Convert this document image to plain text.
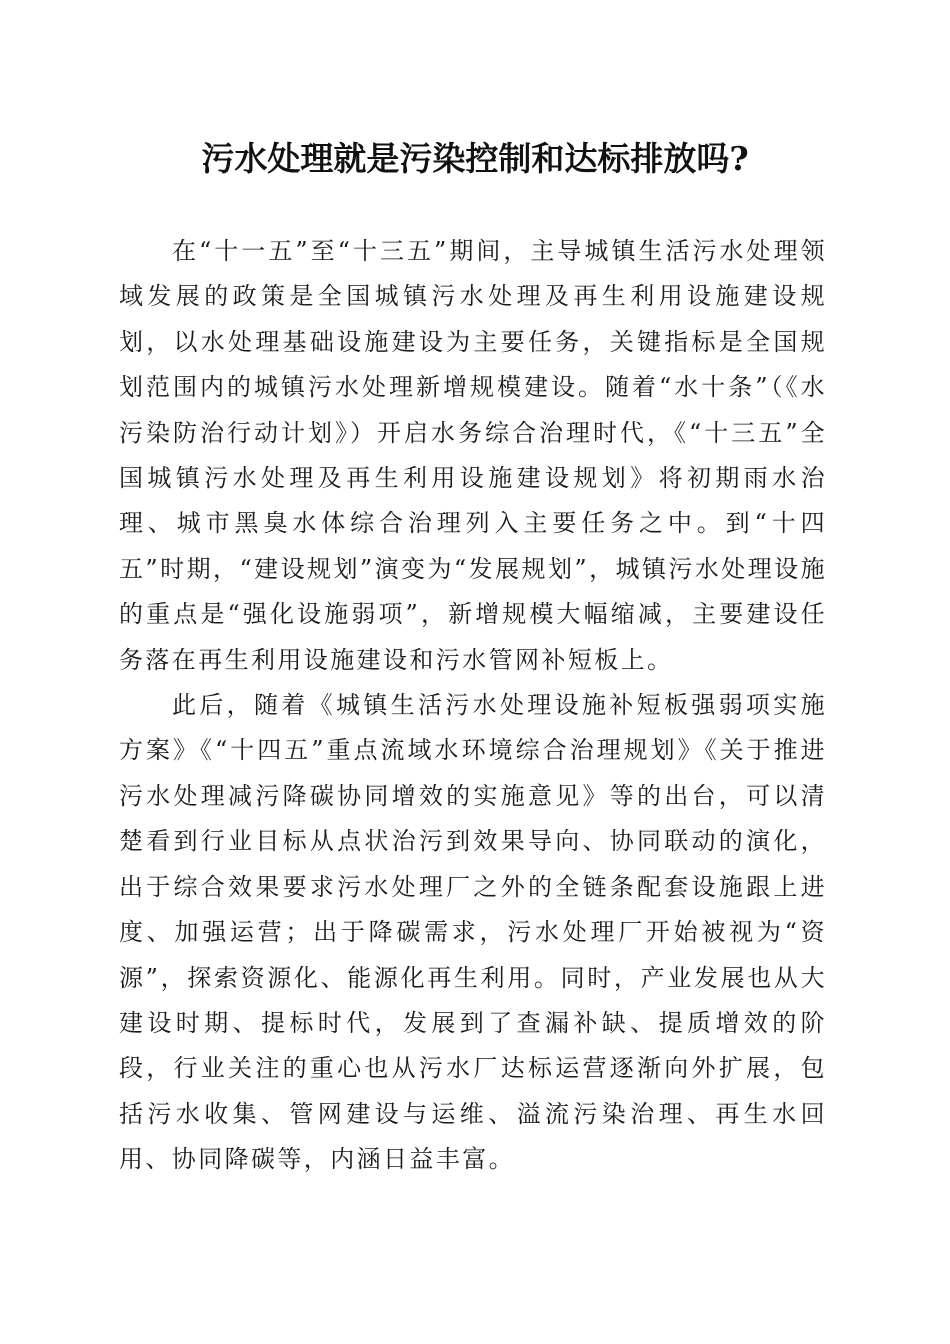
污水处理就是污染控制和达标排放吗?

在“十一五”至“十三五”期间，主导城镇生活污水处理领域发展的政策是全国城镇污水处理及再生利用设施建设规划，以水处理基础设施建设为主要任务，关键指标是全国规划范围内的城镇污水处理新增规模建设。随着“水十条”（《水污染防治行动计划》）开启水务综合治理时代，《“十三五”全国城镇污水处理及再生利用设施建设规划》将初期雨水治理、城市黑臭水体综合治理列入主要任务之中。到“十四五”时期，“建设规划”演变为“发展规划”，城镇污水处理设施的重点是“强化设施弱项”，新增规模大幅缩减，主要建设任务落在再生利用设施建设和污水管网补短板上。

此后，随着《城镇生活污水处理设施补短板强弱项实施方案》《“十四五”重点流域水环境综合治理规划》《关于推进污水处理减污降碳协同增效的实施意见》等的出台，可以清楚看到行业目标从点状治污到效果导向、协同联动的演化，出于综合效果要求污水处理厂之外的全链条配套设施跟上进度、加强运营；出于降碳需求，污水处理厂开始被视为“资源”，探索资源化、能源化再生利用。同时，产业发展也从大建设时期、提标时代，发展到了查漏补缺、提质增效的阶段，行业关注的重心也从污水厂达标运营逐渐向外扩展，包括污水收集、管网建设与运维、溢流污染治理、再生水回用、协同降碳等，内涵日益丰富。
